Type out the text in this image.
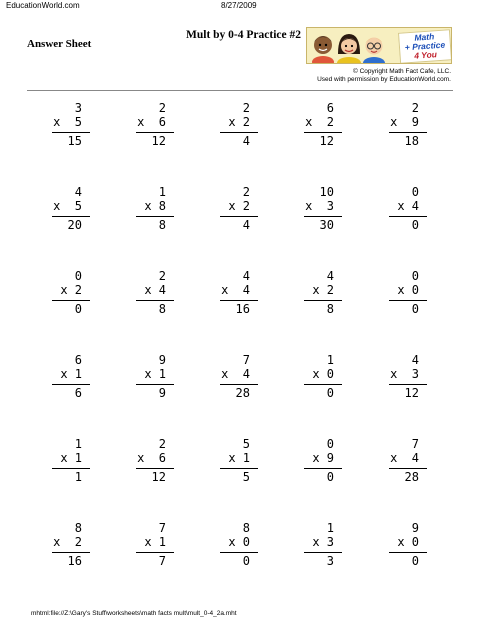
EducationWorld.com	8/27/2009
Answer Sheet
Mult by 0-4 Practice #2	Math
+ Practice
4 You
© Copyright Math Fact Cafe, LLC.
Used with permission by EducationWorld.com.
3
x  5
15
2
x  6
12
2
x 2
4
6
x  2
12
2
x  9
18
4
x  5
20
1
x 8
8
2
x 2
4
10
x  3
30
0
x 4
0
0
x 2
0
2
x 4
8
4
x  4
16
4
x 2
8
0
x 0
0
6
x 1
6
9
x 1
9
7
x  4
28
1
x 0
0
4
x  3
12
1
x 1
1
2
x  6
12
5
x 1
5
0
x 9
0
7
x  4
28
8
x  2
16
7
x 1
7
8
x 0
0
1
x 3
3
9
x 0
0
mhtml:file://Z:\Gary's Stuff\worksheets\math facts mult\mult_0-4_2a.mht
